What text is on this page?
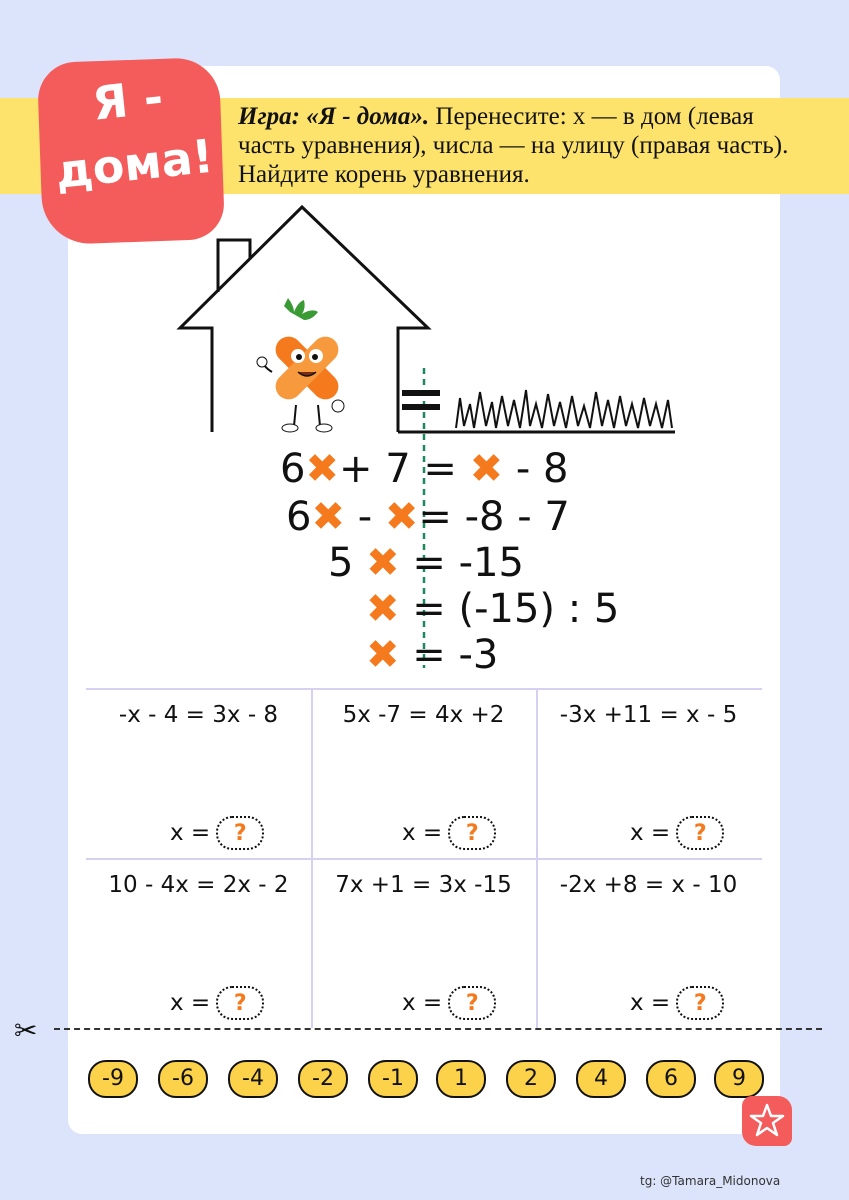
Игра: «Я - дома». Перенесите: x — в дом (левая часть уравнения), числа — на улицу (правая часть). Найдите корень уравнения.
Я -
дома!
6✖+ 7 = ✖ - 8
6✖ - ✖= -8 - 7
5 ✖ = -15
✖ = (-15) : 5
✖ = -3
-x - 4 = 3x - 8	5x -7 = 4x +2	-3x +11 = x - 5
10 - 4x = 2x - 2	7x +1 = 3x -15	-2x +8 = x - 10
x =	?	x =	?	x =	?
x =	?	x =	?	x =	?
✂
-9	-6	-4	-2	-1	1	2	4	6	9
tg: @Tamara_Midonova
